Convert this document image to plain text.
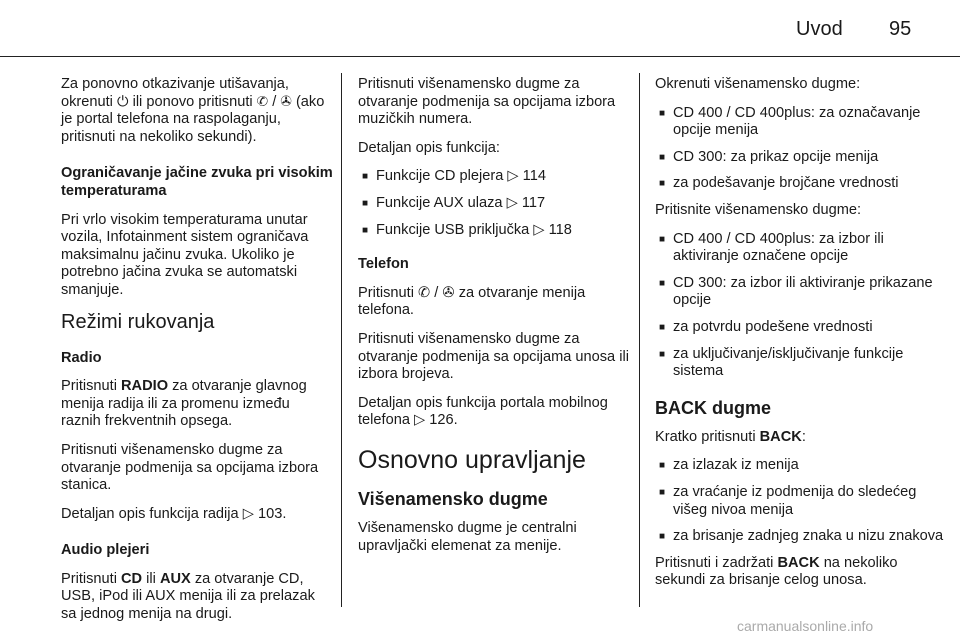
Uvod 95

Za ponovno otkazivanje utišavanja, okrenuti ⏻ ili ponovo pritisnuti ✆ / ✇ (ako je portal telefona na raspolaganju, pritisnuti na nekoliko sekundi).

Ograničavanje jačine zvuka pri visokim temperaturama

Pri vrlo visokim temperaturama unutar vozila, Infotainment sistem ograničava maksimalnu jačinu zvuka. Ukoliko je potrebno jačina zvuka se automatski smanjuje.

Režimi rukovanja

Radio

Pritisnuti RADIO za otvaranje glavnog menija radija ili za promenu između raznih frekventnih opsega.

Pritisnuti višenamensko dugme za otvaranje podmenija sa opcijama izbora stanica.

Detaljan opis funkcija radija ▷ 103.

Audio plejeri

Pritisnuti CD ili AUX za otvaranje CD, USB, iPod ili AUX menija ili za prelazak sa jednog menija na drugi.

Pritisnuti višenamensko dugme za otvaranje podmenija sa opcijama izbora muzičkih numera.

Detaljan opis funkcija:

■ Funkcije CD plejera ▷ 114
■ Funkcije AUX ulaza ▷ 117
■ Funkcije USB priključka ▷ 118

Telefon

Pritisnuti ✆ / ✇ za otvaranje menija telefona.

Pritisnuti višenamensko dugme za otvaranje podmenija sa opcijama unosa ili izbora brojeva.

Detaljan opis funkcija portala mobilnog telefona ▷ 126.

Osnovno upravljanje

Višenamensko dugme

Višenamensko dugme je centralni upravljački elemenat za menije.

Okrenuti višenamensko dugme:

■ CD 400 / CD 400plus: za označavanje opcije menija
■ CD 300: za prikaz opcije menija
■ za podešavanje brojčane vrednosti

Pritisnite višenamensko dugme:

■ CD 400 / CD 400plus: za izbor ili aktiviranje označene opcije
■ CD 300: za izbor ili aktiviranje prikazane opcije
■ za potvrdu podešene vrednosti
■ za uključivanje/isključivanje funkcije sistema

BACK dugme

Kratko pritisnuti BACK:

■ za izlazak iz menija
■ za vraćanje iz podmenija do sledećeg višeg nivoa menija
■ za brisanje zadnjeg znaka u nizu znakova

Pritisnuti i zadržati BACK na nekoliko sekundi za brisanje celog unosa.

carmanualsonline.info
